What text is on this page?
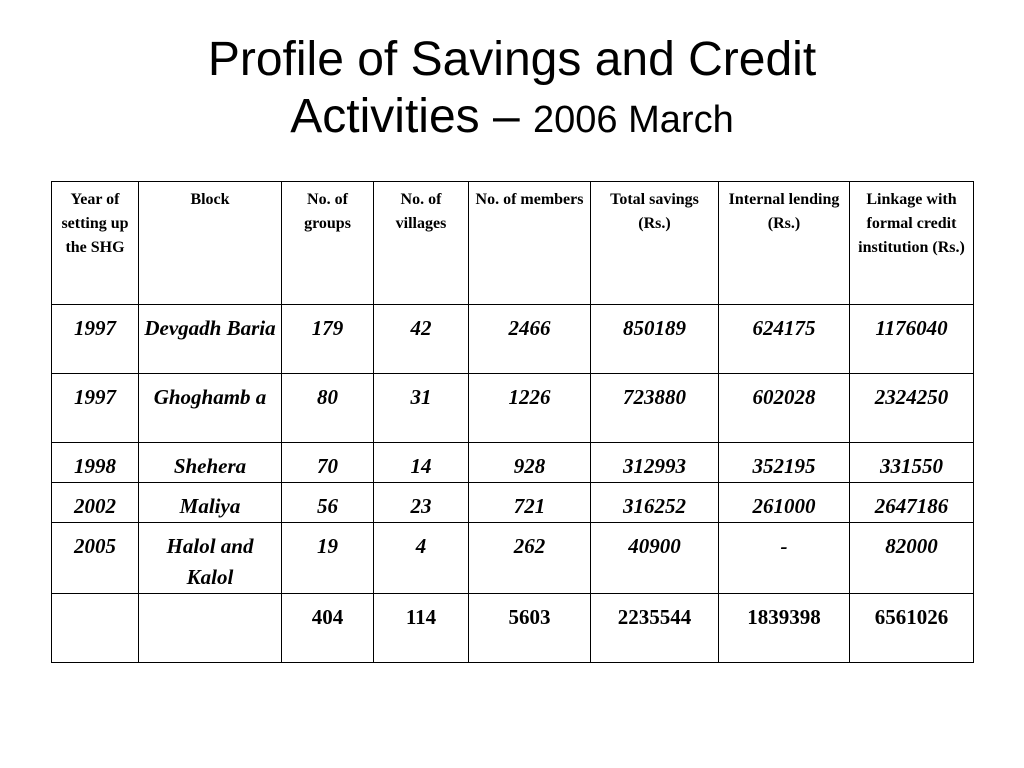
Profile of Savings and Credit
Activities – 2006 March
Year of setting up the SHG	Block	No. of groups	No. of villages	No. of members	Total savings (Rs.)	Internal lending (Rs.)	Linkage with formal credit institution (Rs.)
1997	Devgadh Baria	179	42	2466	850189	624175	1176040
1997	Ghoghamb a	80	31	1226	723880	602028	2324250
1998	Shehera	70	14	928	312993	352195	331550
2002	Maliya	56	23	721	316252	261000	2647186
2005	Halol and Kalol	19	4	262	40900	-	82000
		404	114	5603	2235544	1839398	6561026
